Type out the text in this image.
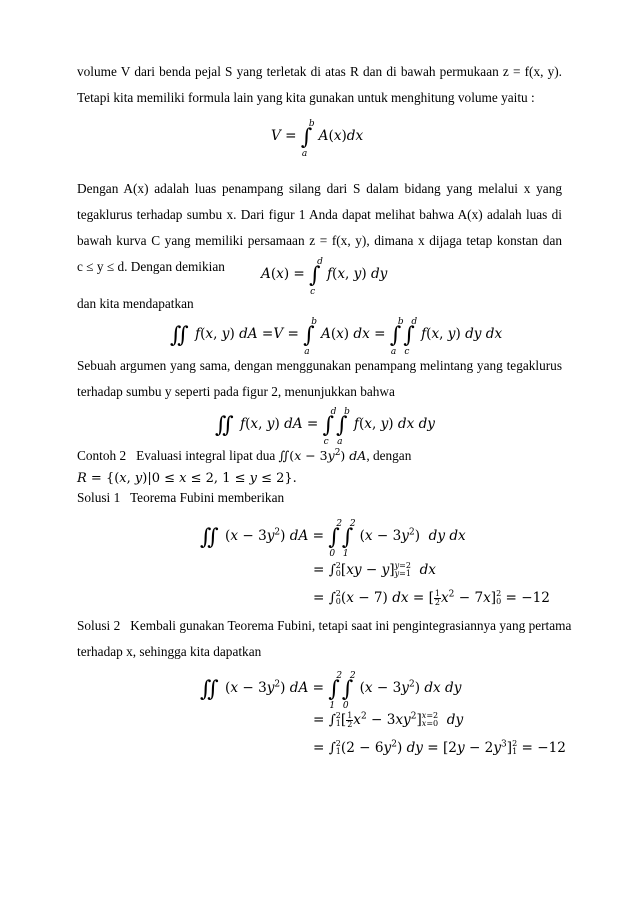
volume V dari benda pejal S yang terletak di atas R dan di bawah permukaan z = f(x, y).
Tetapi kita memiliki formula lain yang kita gunakan untuk menghitung volume yaitu :
V = ∫
b
a
A(x)dx
Dengan A(x) adalah luas penampang silang dari S dalam bidang yang melalui x yang
tegaklurus terhadap sumbu x. Dari figur 1 Anda dapat melihat bahwa A(x) adalah luas di
bawah kurva C yang memiliki persamaan z = f(x, y), dimana x dijaga tetap konstan dan
c ≤ y ≤ d. Dengan demikian	A(x) = ∫
d
c
f(x, y) dy
dan kita mendapatkan
∬ f(x, y) dA =V = ∫
b
a
A(x) dx = ∫
b
a
∫
d
c
f(x, y) dy dx
Sebuah argumen yang sama, dengan menggunakan penampang melintang yang tegaklurus
terhadap sumbu y seperti pada figur 2, menunjukkan bahwa
∬ f(x, y) dA = ∫
d
c
∫
b
a
f(x, y) dx dy
Contoh 2 Evaluasi integral lipat dua ∬(x − $3y^2$) dA, dengan
R = {(x, y)|0 ≤ x ≤ 2, 1 ≤ y ≤ 2}.
Solusi 1 Teorema Fubini memberikan
∬ $(x - 3y^2)$ dA = ∫
2
0
∫
2
1
$(x - 3y^2)$  dy dx
= ∫ 2
0 [xy − y] y=2
y=1 dx
= ∫ 2
0 (x − 7) dx = [ $\frac{1}{2} x^2 - 7x$] 2
0 = −12
Solusi 2 Kembali gunakan Teorema Fubini, tetapi saat ini pengintegrasiannya yang pertama
terhadap x, sehingga kita dapatkan
∬ $(x - 3y^2)$ dA = ∫
2
1
∫
2
0
$(x - 3y^2)$ dx dy
= ∫ 2
1 [ $\frac{1}{2} x^2 - 3xy^2$] x=2
x=0 dy
= ∫ 2
1 $(2 - 6y^2)$ dy = $[2y - 2y^3]$ 2
1 = −12
